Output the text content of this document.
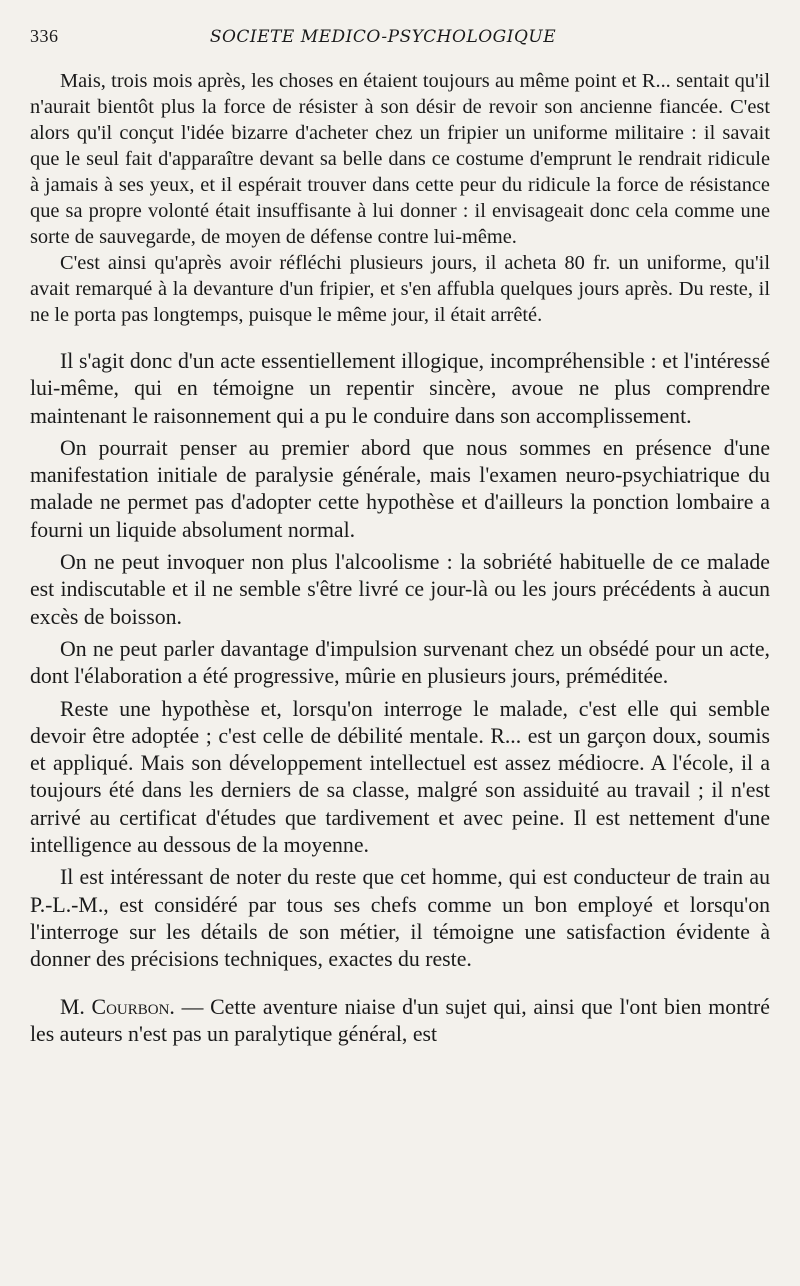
336	SOCIETE MEDICO-PSYCHOLOGIQUE

Mais, trois mois après, les choses en étaient toujours au même point et R... sentait qu'il n'aurait bientôt plus la force de résister à son désir de revoir son ancienne fiancée. C'est alors qu'il conçut l'idée bizarre d'acheter chez un fripier un uniforme militaire : il savait que le seul fait d'apparaître devant sa belle dans ce costume d'emprunt le rendrait ridicule à jamais à ses yeux, et il espérait trouver dans cette peur du ridicule la force de résistance que sa propre volonté était insuffisante à lui donner : il envisageait donc cela comme une sorte de sauvegarde, de moyen de défense contre lui-même.

C'est ainsi qu'après avoir réfléchi plusieurs jours, il acheta 80 fr. un uniforme, qu'il avait remarqué à la devanture d'un fripier, et s'en affubla quelques jours après. Du reste, il ne le porta pas longtemps, puisque le même jour, il était arrêté.

Il s'agit donc d'un acte essentiellement illogique, incompréhensible : et l'intéressé lui-même, qui en témoigne un repentir sincère, avoue ne plus comprendre maintenant le raisonnement qui a pu le conduire dans son accomplissement.

On pourrait penser au premier abord que nous sommes en présence d'une manifestation initiale de paralysie générale, mais l'examen neuro-psychiatrique du malade ne permet pas d'adopter cette hypothèse et d'ailleurs la ponction lombaire a fourni un liquide absolument normal.

On ne peut invoquer non plus l'alcoolisme : la sobriété habituelle de ce malade est indiscutable et il ne semble s'être livré ce jour-là ou les jours précédents à aucun excès de boisson.

On ne peut parler davantage d'impulsion survenant chez un obsédé pour un acte, dont l'élaboration a été progressive, mûrie en plusieurs jours, préméditée.

Reste une hypothèse et, lorsqu'on interroge le malade, c'est elle qui semble devoir être adoptée ; c'est celle de débilité mentale. R... est un garçon doux, soumis et appliqué. Mais son développement intellectuel est assez médiocre. A l'école, il a toujours été dans les derniers de sa classe, malgré son assiduité au travail ; il n'est arrivé au certificat d'études que tardivement et avec peine. Il est nettement d'une intelligence au dessous de la moyenne.

Il est intéressant de noter du reste que cet homme, qui est conducteur de train au P.-L.-M., est considéré par tous ses chefs comme un bon employé et lorsqu'on l'interroge sur les détails de son métier, il témoigne une satisfaction évidente à donner des précisions techniques, exactes du reste.

M. Courbon. — Cette aventure niaise d'un sujet qui, ainsi que l'ont bien montré les auteurs n'est pas un paralytique général, est
